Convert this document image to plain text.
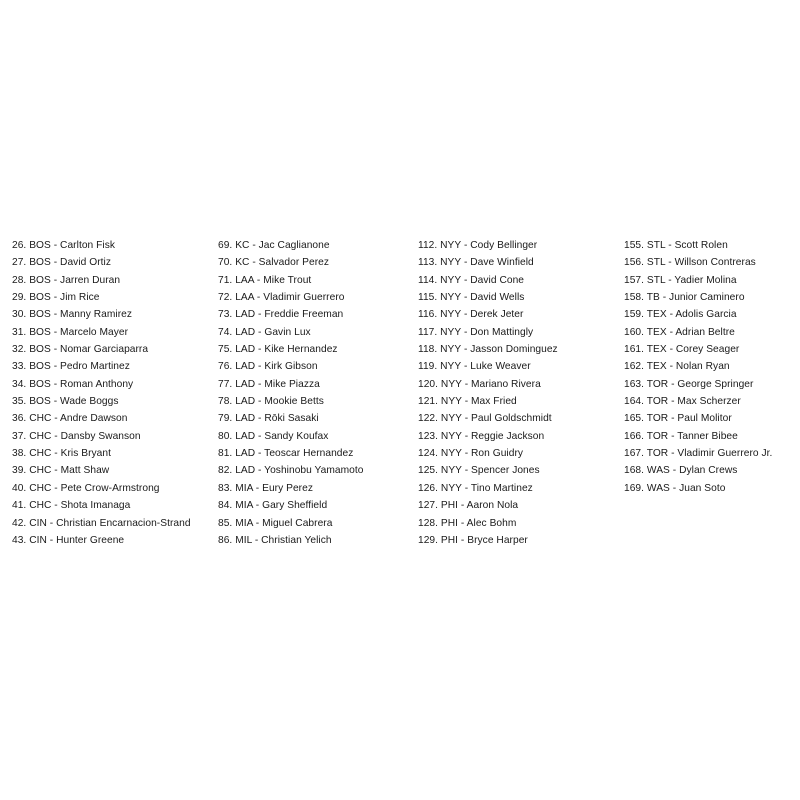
26. BOS - Carlton Fisk
27. BOS - David Ortiz
28. BOS - Jarren Duran
29. BOS - Jim Rice
30. BOS - Manny Ramirez
31. BOS - Marcelo Mayer
32. BOS - Nomar Garciaparra
33. BOS - Pedro Martinez
34. BOS - Roman Anthony
35. BOS - Wade Boggs
36. CHC - Andre Dawson
37. CHC - Dansby Swanson
38. CHC - Kris Bryant
39. CHC - Matt Shaw
40. CHC - Pete Crow-Armstrong
41. CHC - Shota Imanaga
42. CIN - Christian Encarnacion-Strand
43. CIN - Hunter Greene
69. KC - Jac Caglianone
70. KC - Salvador Perez
71. LAA - Mike Trout
72. LAA - Vladimir Guerrero
73. LAD - Freddie Freeman
74. LAD - Gavin Lux
75. LAD - Kike Hernandez
76. LAD - Kirk Gibson
77. LAD - Mike Piazza
78. LAD - Mookie Betts
79. LAD - Rōki Sasaki
80. LAD - Sandy Koufax
81. LAD - Teoscar Hernandez
82. LAD - Yoshinobu Yamamoto
83. MIA - Eury Perez
84. MIA - Gary Sheffield
85. MIA - Miguel Cabrera
86. MIL - Christian Yelich
112. NYY - Cody Bellinger
113. NYY - Dave Winfield
114. NYY - David Cone
115. NYY - David Wells
116. NYY - Derek Jeter
117. NYY - Don Mattingly
118. NYY - Jasson Dominguez
119. NYY - Luke Weaver
120. NYY - Mariano Rivera
121. NYY - Max Fried
122. NYY - Paul Goldschmidt
123. NYY - Reggie Jackson
124. NYY - Ron Guidry
125. NYY - Spencer Jones
126. NYY - Tino Martinez
127. PHI - Aaron Nola
128. PHI - Alec Bohm
129. PHI - Bryce Harper
155. STL - Scott Rolen
156. STL - Willson Contreras
157. STL - Yadier Molina
158. TB - Junior Caminero
159. TEX - Adolis Garcia
160. TEX - Adrian Beltre
161. TEX - Corey Seager
162. TEX - Nolan Ryan
163. TOR - George Springer
164. TOR - Max Scherzer
165. TOR - Paul Molitor
166. TOR - Tanner Bibee
167. TOR - Vladimir Guerrero Jr.
168. WAS - Dylan Crews
169. WAS - Juan Soto
